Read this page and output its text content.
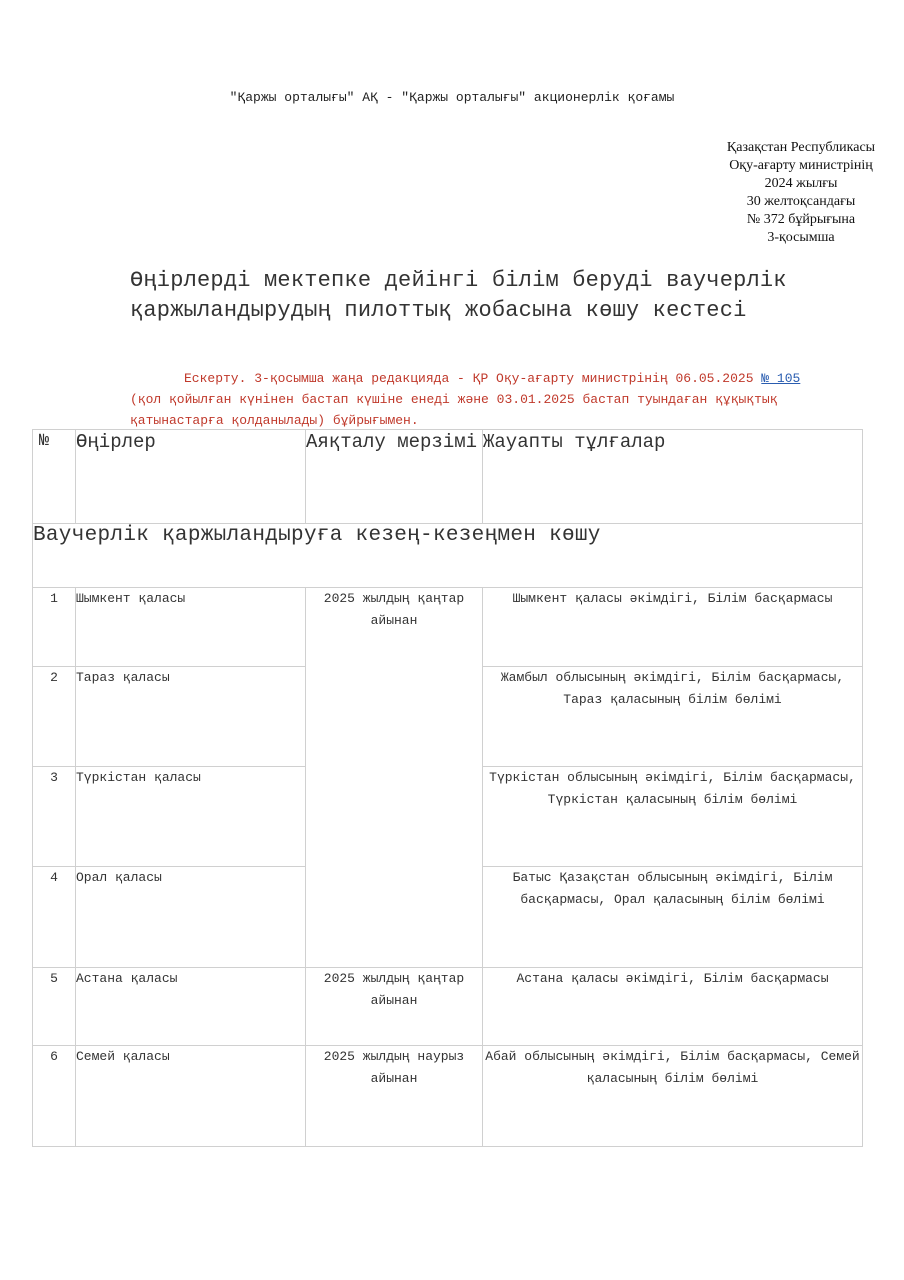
"Қаржы орталығы" АҚ - "Қаржы орталығы" акционерлік қоғамы
Қазақстан Республикасы
Оқу-ағарту министрінің
2024 жылғы
30 желтоқсандағы
№ 372 бұйрығына
3-қосымша
Өңірлерді мектепке дейінгі білім беруді ваучерлік қаржыландырудың пилоттық жобасына көшу кестесі
Ескерту. 3-қосымша жаңа редакцияда - ҚР Оқу-ағарту министрінің 06.05.2025 № 105 (қол қойылған күнінен бастап күшіне енеді және 03.01.2025 бастап туындаған құқықтық қатынастарға қолданылады) бұйрығымен.
№	Өңірлер	Аяқталу мерзімі	Жауапты тұлғалар
Ваучерлік қаржыландыруға кезең-кезеңмен көшу			
1	Шымкент қаласы	2025 жылдың қаңтар айынан	Шымкент қаласы әкімдігі, Білім басқармасы
2	Тараз қаласы		Жамбыл облысының әкімдігі, Білім басқармасы, Тараз қаласының білім бөлімі
3	Түркістан қаласы		Түркістан облысының әкімдігі, Білім басқармасы, Түркістан қаласының білім бөлімі
4	Орал қаласы		Батыс Қазақстан облысының әкімдігі, Білім басқармасы, Орал қаласының білім бөлімі
5	Астана қаласы	2025 жылдың қаңтар айынан	Астана қаласы әкімдігі, Білім басқармасы
6	Семей қаласы	2025 жылдың наурыз айынан	Абай облысының әкімдігі, Білім басқармасы, Семей қаласының білім бөлімі
